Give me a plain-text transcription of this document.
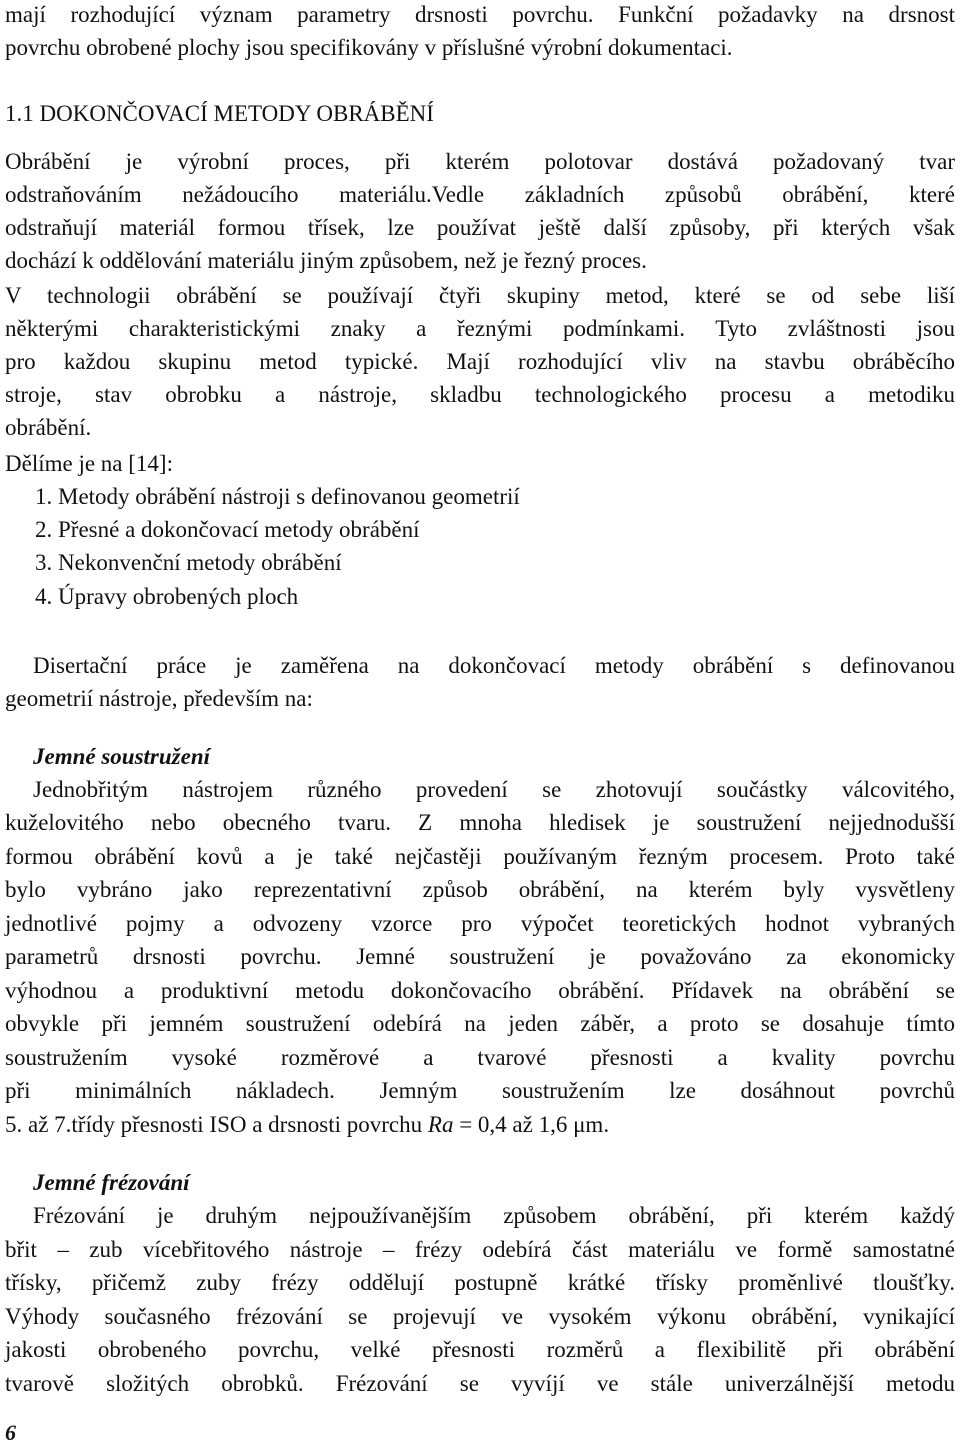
mají rozhodující význam parametry drsnosti povrchu. Funkční požadavky na drsnost
povrchu obrobené plochy jsou specifikovány v příslušné výrobní dokumentaci.
1.1 DOKONČOVACÍ METODY OBRÁBĚNÍ
Obrábění je výrobní proces, při kterém polotovar dostává požadovaný tvar
odstraňováním nežádoucího materiálu.Vedle základních způsobů obrábění, které
odstraňují materiál formou třísek, lze používat ještě další způsoby, při kterých však
dochází k oddělování materiálu jiným způsobem, než je řezný proces.
V technologii obrábění se používají čtyři skupiny metod, které se od sebe liší
některými charakteristickými znaky a řeznými podmínkami. Tyto zvláštnosti jsou
pro každou skupinu metod typické. Mají rozhodující vliv na stavbu obráběcího
stroje, stav obrobku a nástroje, skladbu technologického procesu a metodiku
obrábění.
Dělíme je na [14]:
1. Metody obrábění nástroji s definovanou geometrií
2. Přesné a dokončovací metody obrábění
3. Nekonvenční metody obrábění
4. Úpravy obrobených ploch
Disertační práce je zaměřena na dokončovací metody obrábění s definovanou
geometrií nástroje, především na:
Jemné soustružení
Jednobřitým nástrojem různého provedení se zhotovují součástky válcovitého,
kuželovitého nebo obecného tvaru. Z mnoha hledisek je soustružení nejjednodušší
formou obrábění kovů a je také nejčastěji používaným řezným procesem. Proto také
bylo vybráno jako reprezentativní způsob obrábění, na kterém byly vysvětleny
jednotlivé pojmy a odvozeny vzorce pro výpočet teoretických hodnot vybraných
parametrů drsnosti povrchu. Jemné soustružení je považováno za ekonomicky
výhodnou a produktivní metodu dokončovacího obrábění. Přídavek na obrábění se
obvykle při jemném soustružení odebírá na jeden záběr, a proto se dosahuje tímto
soustružením vysoké rozměrové a tvarové přesnosti a kvality povrchu
při minimálních nákladech. Jemným soustružením lze dosáhnout povrchů
5. až 7.třídy přesnosti ISO a drsnosti povrchu Ra = 0,4 až 1,6 μm.
Jemné frézování
Frézování je druhým nejpoužívanějším způsobem obrábění, při kterém každý
břit – zub vícebřitového nástroje – frézy odebírá část materiálu ve formě samostatné
třísky, přičemž zuby frézy oddělují postupně krátké třísky proměnlivé tloušťky.
Výhody současného frézování se projevují ve vysokém výkonu obrábění, vynikající
jakosti obrobeného povrchu, velké přesnosti rozměrů a flexibilitě při obrábění
tvarově složitých obrobků. Frézování se vyvíjí ve stále univerzálnější metodu
6
